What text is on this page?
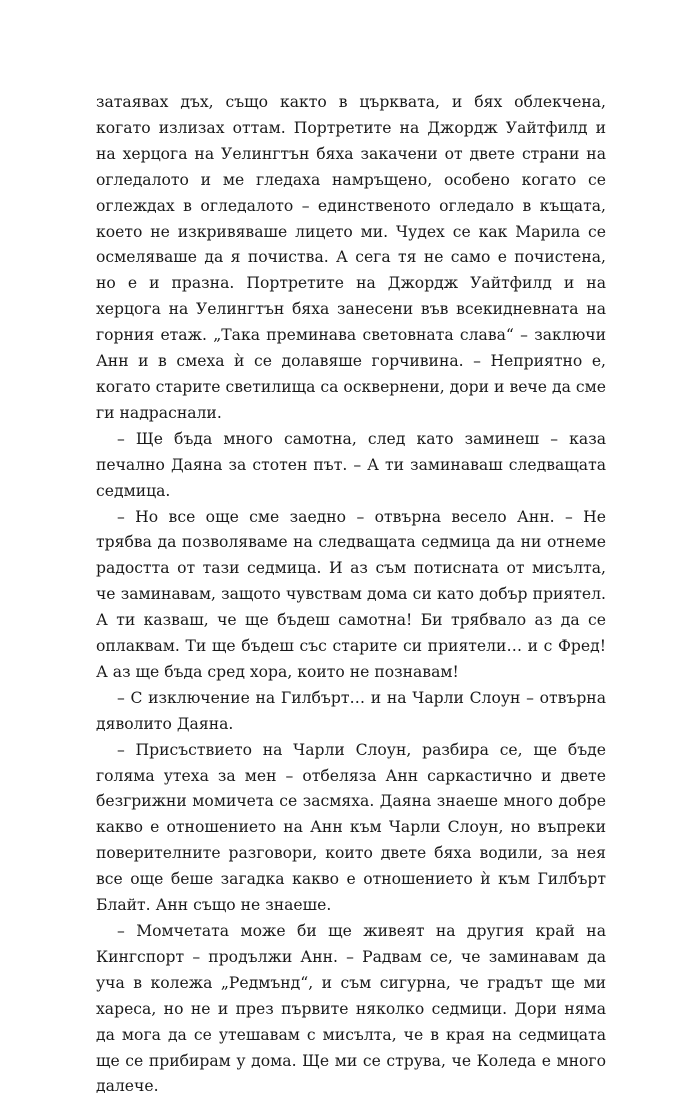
затаявах дъх, също както в църквата, и бях облекчена, когато излизах оттам. Портретите на Джордж Уайтфилд и на херцога на Уелингтън бяха закачени от двете страни на огледалото и ме гледаха намръщено, особено когато се оглеждах в огледалото – единственото огледало в къщата, което не изкривяваше лицето ми. Чудех се как Марила се осмеляваше да я почиства. А сега тя не само е почистена, но е и празна. Портретите на Джордж Уайтфилд и на херцога на Уелингтън бяха занесени във всекидневната на горния етаж. „Така преминава световната слава“ – заключи Анн и в смеха ѝ се долавяше горчивина. – Неприятно е, когато старите светилища са осквернени, дори и вече да сме ги надраснали.

– Ще бъда много самотна, след като заминеш – каза печално Даяна за стотен път. – А ти заминаваш следващата седмица.

– Но все още сме заедно – отвърна весело Анн. – Не трябва да позволяваме на следващата седмица да ни отнеме радостта от тази седмица. И аз съм потисната от мисълта, че заминавам, защото чувствам дома си като добър приятел. А ти казваш, че ще бъдеш самотна! Би трябвало аз да се оплаквам. Ти ще бъдеш със старите си приятели… и с Фред! А аз ще бъда сред хора, които не познавам!

– С изключение на Гилбърт… и на Чарли Слоун – отвърна дяволито Даяна.

– Присъствието на Чарли Слоун, разбира се, ще бъде голяма утеха за мен – отбеляза Анн саркастично и двете безгрижни момичета се засмяха. Даяна знаеше много добре какво е отношението на Анн към Чарли Слоун, но въпреки поверителните разговори, които двете бяха водили, за нея все още беше загадка какво е отношението ѝ към Гилбърт Блайт. Анн също не знаеше.

– Момчетата може би ще живеят на другия край на Кингспорт – продължи Анн. – Радвам се, че заминавам да уча в колежа „Редмънд“, и съм сигурна, че градът ще ми хареса, но не и през първите няколко седмици. Дори няма да мога да се утешавам с мисълта, че в края на седмицата ще се прибирам у дома. Ще ми се струва, че Коледа е много далече.
